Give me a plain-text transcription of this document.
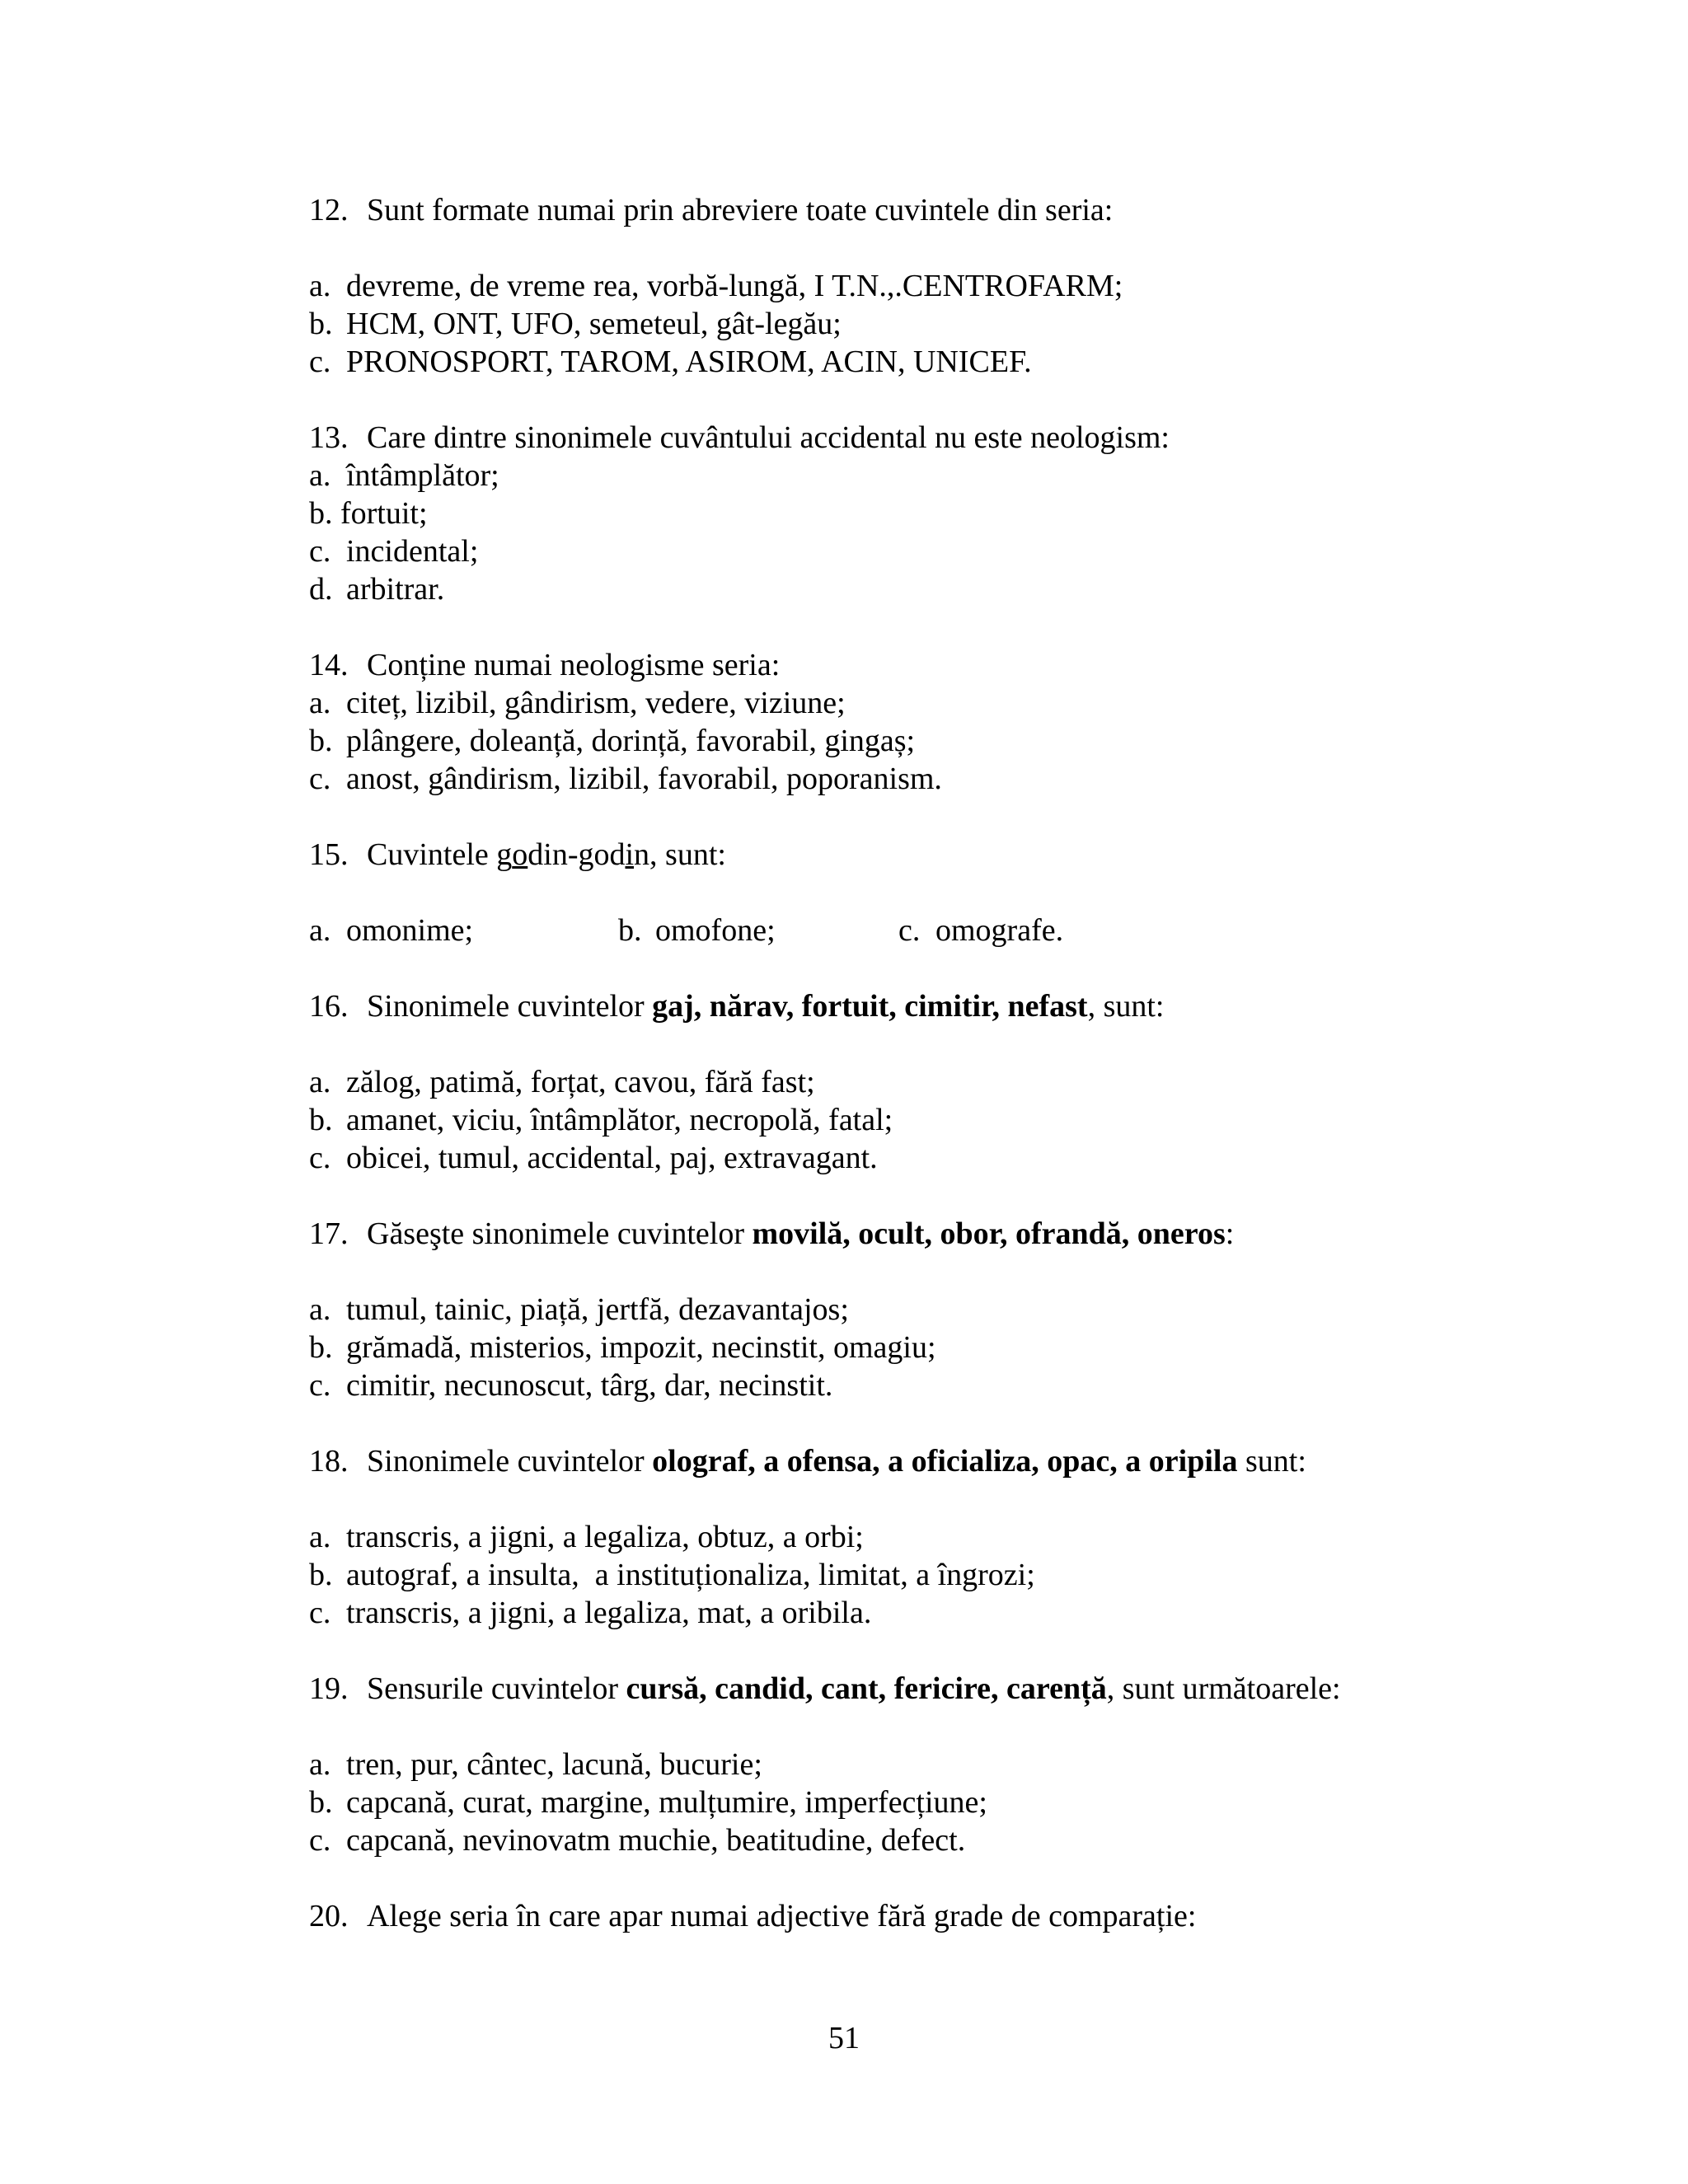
12. Sunt formate numai prin abreviere toate cuvintele din seria:
a. devreme, de vreme rea, vorbă-lungă, I T.N.,.CENTROFARM;
b. HCM, ONT, UFO, semeteul, gât-legău;
c. PRONOSPORT, TAROM, ASIROM, ACIN, UNICEF.
13. Care dintre sinonimele cuvântului accidental nu este neologism:
a. întâmplător;
b. fortuit;
c. incidental;
d. arbitrar.
14. Conține numai neologisme seria:
a. citeț, lizibil, gândirism, vedere, viziune;
b. plângere, doleanță, dorință, favorabil, gingaș;
c. anost, gândirism, lizibil, favorabil, poporanism.
15. Cuvintele godin-godin, sunt:
a. omonime;	b. omofone;	c. omografe.
16. Sinonimele cuvintelor gaj, nărav, fortuit, cimitir, nefast, sunt:
a. zălog, patimă, forțat, cavou, fără fast;
b. amanet, viciu, întâmplător, necropolă, fatal;
c. obicei, tumul, accidental, paj, extravagant.
17. Găseşte sinonimele cuvintelor movilă, ocult, obor, ofrandă, oneros:
a. tumul, tainic, piață, jertfă, dezavantajos;
b. grămadă, misterios, impozit, necinstit, omagiu;
c. cimitir, necunoscut, târg, dar, necinstit.
18. Sinonimele cuvintelor olograf, a ofensa, a oficializa, opac, a oripila sunt:
a. transcris, a jigni, a legaliza, obtuz, a orbi;
b. autograf, a insulta,  a instituționaliza, limitat, a îngrozi;
c. transcris, a jigni, a legaliza, mat, a oribila.
19. Sensurile cuvintelor cursă, candid, cant, fericire, carență, sunt următoarele:
a. tren, pur, cântec, lacună, bucurie;
b. capcană, curat, margine, mulțumire, imperfecțiune;
c. capcană, nevinovatm muchie, beatitudine, defect.
20. Alege seria în care apar numai adjective fără grade de comparație:
51
